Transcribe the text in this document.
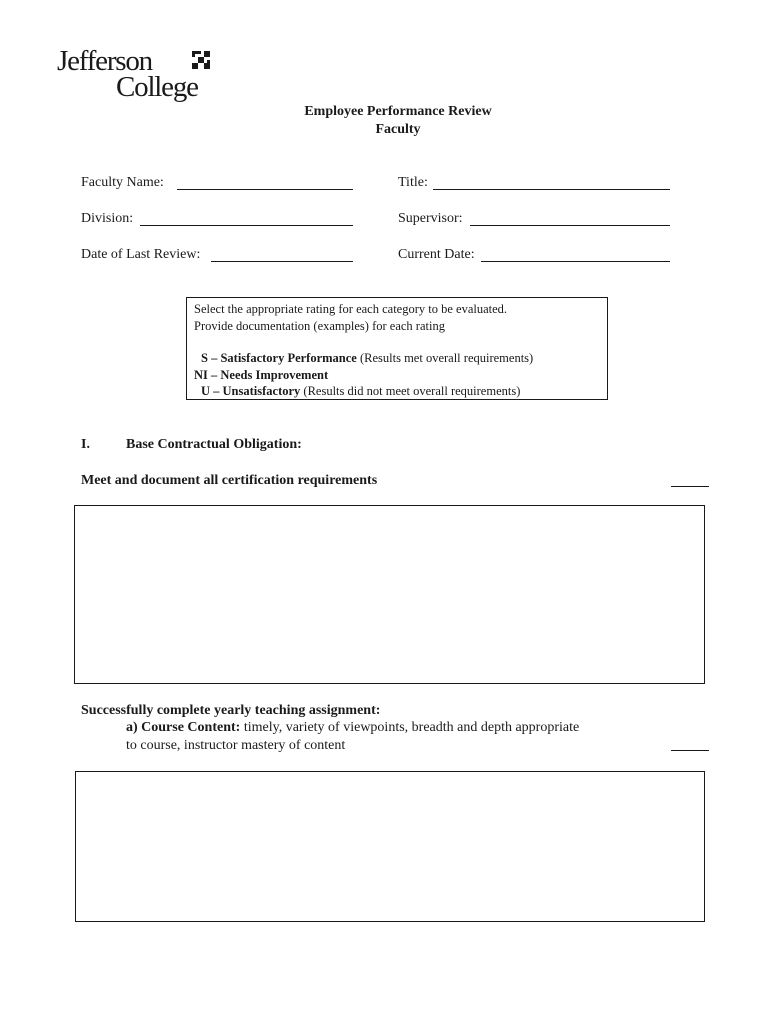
Jefferson
College
Employee Performance Review
Faculty
Faculty Name:	Title:
Division:	Supervisor:
Date of Last Review:	Current Date:
Select the appropriate rating for each category to be evaluated.
Provide documentation (examples) for each rating
S – Satisfactory Performance (Results met overall requirements)
NI – Needs Improvement
U – Unsatisfactory (Results did not meet overall requirements)
I.	Base Contractual Obligation:
Meet and document all certification requirements
Successfully complete yearly teaching assignment:
a) Course Content: timely, variety of viewpoints, breadth and depth appropriate
to course, instructor mastery of content
